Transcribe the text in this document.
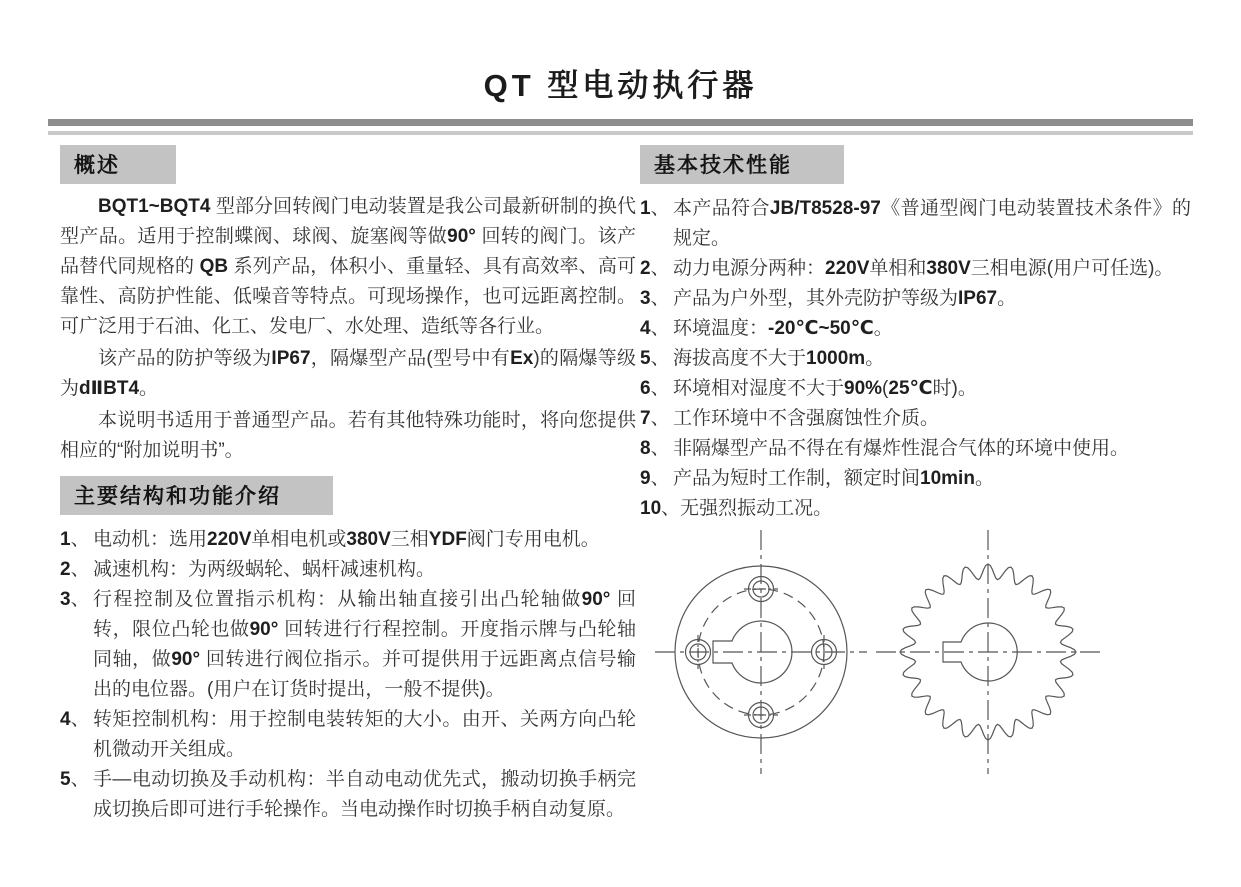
QT 型电动执行器
概述

BQT1~BQT4 型部分回转阀门电动装置是我公司最新研制的换代型产品。适用于控制蝶阀、球阀、旋塞阀等做90° 回转的阀门。该产品替代同规格的 QB 系列产品，体积小、重量轻、具有高效率、高可靠性、高防护性能、低噪音等特点。可现场操作，也可远距离控制。可广泛用于石油、化工、发电厂、水处理、造纸等各行业。

该产品的防护等级为IP67，隔爆型产品(型号中有Ex)的隔爆等级为dⅡBT4。

本说明书适用于普通型产品。若有其他特殊功能时，将向您提供相应的“附加说明书”。

主要结构和功能介绍
1、 电动机：选用220V单相电机或380V三相YDF阀门专用电机。
2、 减速机构：为两级蜗轮、蜗杆减速机构。
3、 行程控制及位置指示机构：从输出轴直接引出凸轮轴做90° 回转，限位凸轮也做90° 回转进行行程控制。开度指示牌与凸轮轴同轴，做90° 回转进行阀位指示。并可提供用于远距离点信号输出的电位器。(用户在订货时提出，一般不提供)。
4、 转矩控制机构：用于控制电装转矩的大小。由开、关两方向凸轮机微动开关组成。
5、 手—电动切换及手动机构：半自动电动优先式，搬动切换手柄完成切换后即可进行手轮操作。当电动操作时切换手柄自动复原。
基本技术性能
1、 本产品符合JB/T8528-97《普通型阀门电动装置技术条件》的规定。
2、 动力电源分两种：220V单相和380V三相电源(用户可任选)。
3、 产品为户外型，其外壳防护等级为IP67。
4、 环境温度：-20℃~50℃。
5、 海拔高度不大于1000m。
6、 环境相对湿度不大于90%(25℃时)。
7、 工作环境中不含强腐蚀性介质。
8、 非隔爆型产品不得在有爆炸性混合气体的环境中使用。
9、 产品为短时工作制，额定时间10min。
10、 无强烈振动工况。
